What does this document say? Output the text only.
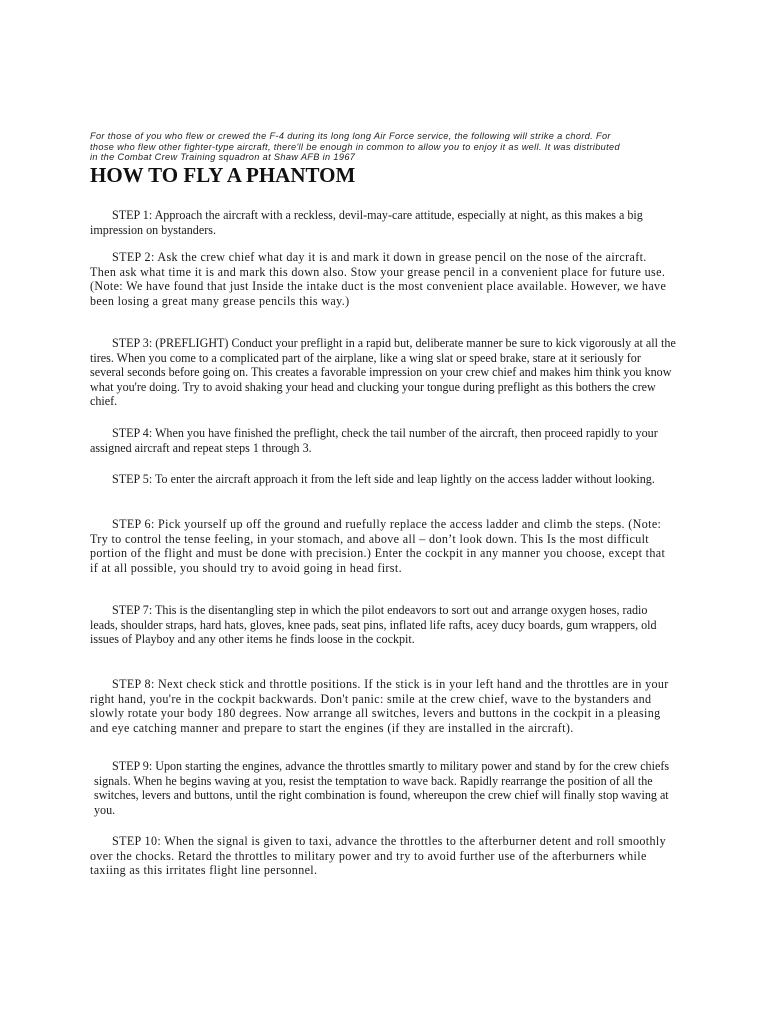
For those of you who flew or crewed the F-4 during its long long Air Force service, the following will strike a chord. For those who flew other fighter-type aircraft, there'll be enough in common to allow you to enjoy it as well. It was distributed in the Combat Crew Training squadron at Shaw AFB in 1967

HOW TO FLY A PHANTOM

STEP 1: Approach the aircraft with a reckless, devil-may-care attitude, especially at night, as this makes a big impression on bystanders.

STEP 2: Ask the crew chief what day it is and mark it down in grease pencil on the nose of the aircraft. Then ask what time it is and mark this down also. Stow your grease pencil in a convenient place for future use. (Note: We have found that just Inside the intake duct is the most convenient place available. However, we have been losing a great many grease pencils this way.)

STEP 3: (PREFLIGHT) Conduct your preflight in a rapid but, deliberate manner be sure to kick vigorously at all the tires. When you come to a complicated part of the airplane, like a wing slat or speed brake, stare at it seriously for several seconds before going on. This creates a favorable impression on your crew chief and makes him think you know what you're doing. Try to avoid shaking your head and clucking your tongue during preflight as this bothers the crew chief.

STEP 4: When you have finished the preflight, check the tail number of the aircraft, then proceed rapidly to your assigned aircraft and repeat steps 1 through 3.

STEP 5: To enter the aircraft approach it from the left side and leap lightly on the access ladder without looking.

STEP 6: Pick yourself up off the ground and ruefully replace the access ladder and climb the steps. (Note: Try to control the tense feeling, in your stomach, and above all – don’t look down. This Is the most difficult portion of the flight and must be done with precision.) Enter the cockpit in any manner you choose, except that if at all possible, you should try to avoid going in head first.

STEP 7: This is the disentangling step in which the pilot endeavors to sort out and arrange oxygen hoses, radio leads, shoulder straps, hard hats, gloves, knee pads, seat pins, inflated life rafts, acey ducy boards, gum wrappers, old issues of Playboy and any other items he finds loose in the cockpit.

STEP 8: Next check stick and throttle positions. If the stick is in your left hand and the throttles are in your right hand, you're in the cockpit backwards. Don't panic: smile at the crew chief, wave to the bystanders and slowly rotate your body 180 degrees. Now arrange all switches, levers and buttons in the cockpit in a pleasing and eye catching manner and prepare to start the engines (if they are installed in the aircraft).

STEP 9: Upon starting the engines, advance the throttles smartly to military power and stand by for the crew chiefs signals. When he begins waving at you, resist the temptation to wave back. Rapidly rearrange the position of all the switches, levers and buttons, until the right combination is found, whereupon the crew chief will finally stop waving at you.

STEP 10: When the signal is given to taxi, advance the throttles to the afterburner detent and roll smoothly over the chocks. Retard the throttles to military power and try to avoid further use of the afterburners while taxiing as this irritates flight line personnel.
